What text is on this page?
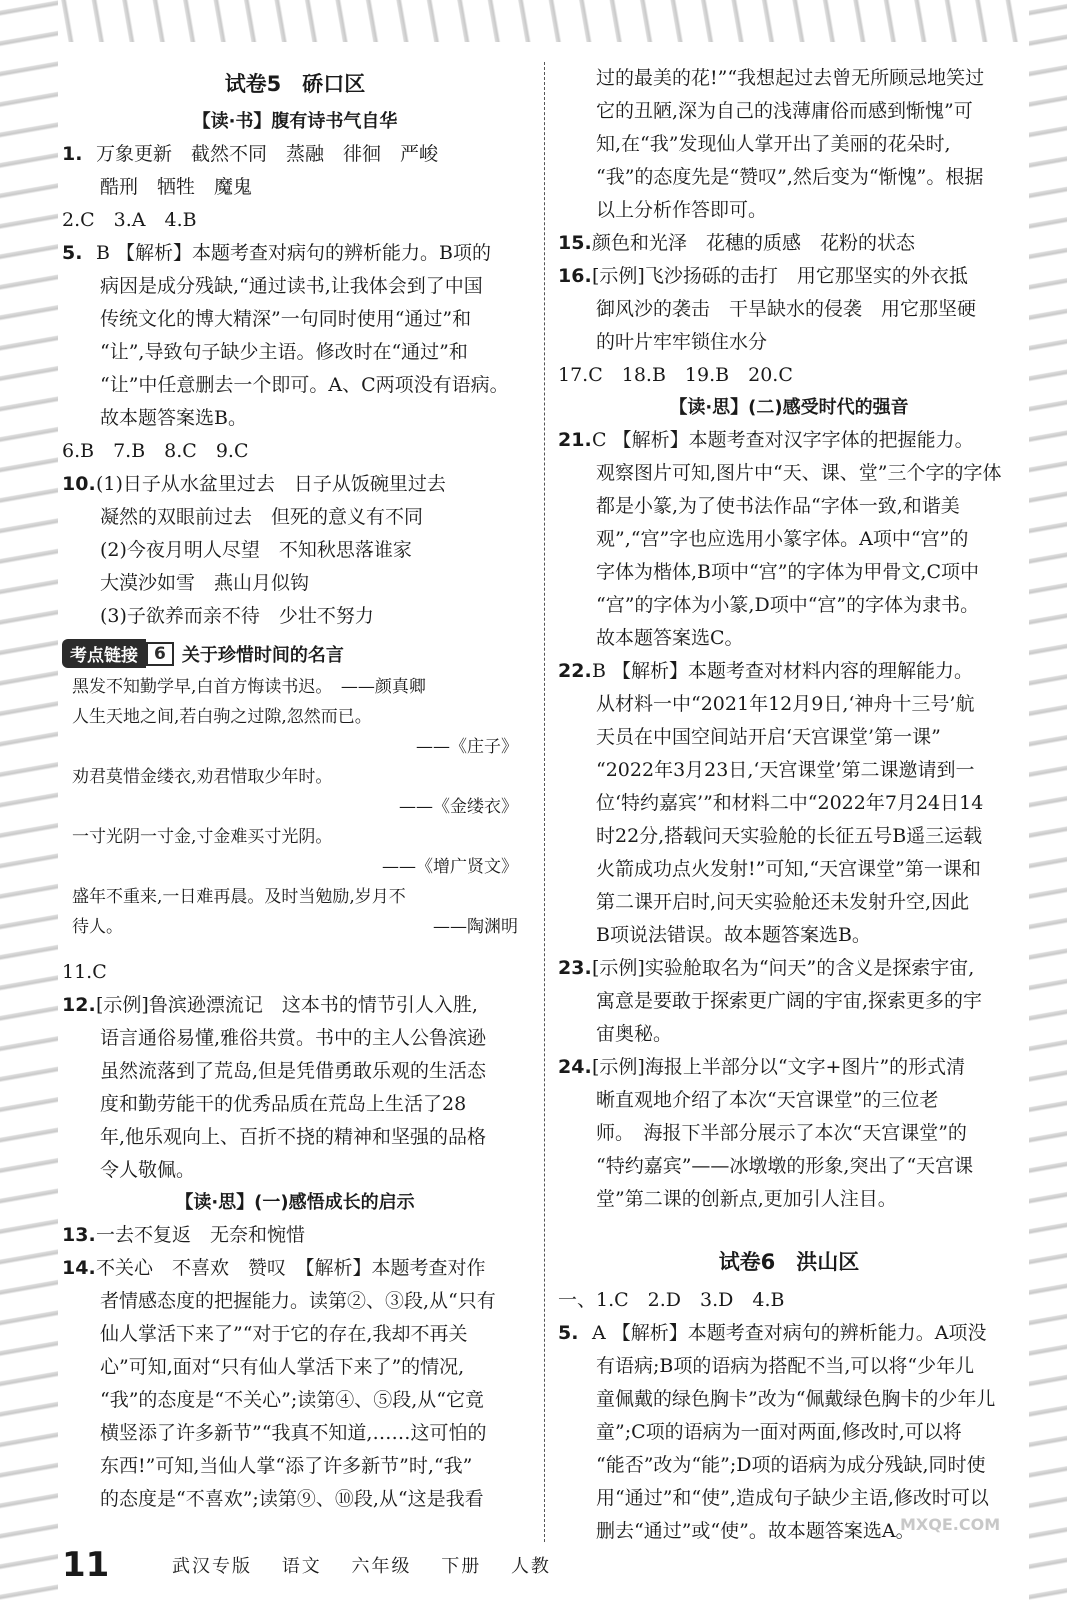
试卷5　硚口区
【读·书】腹有诗书气自华

1. 万象更新　截然不同　蒸融　徘徊　严峻

酷刑　牺牲　魔鬼

2.C　3.A　4.B

5. B 【解析】本题考查对病句的辨析能力。B项的

病因是成分残缺,“通过读书,让我体会到了中国

传统文化的博大精深”一句同时使用“通过”和

“让”,导致句子缺少主语。修改时在“通过”和

“让”中任意删去一个即可。A、C两项没有语病。

故本题答案选B。

6.B　7.B　8.C　9.C

10.(1)日子从水盆里过去　日子从饭碗里过去

凝然的双眼前过去　但死的意义有不同

(2)今夜月明人尽望　不知秋思落谁家

大漠沙如雪　燕山月似钩

(3)子欲养而亲不待　少壮不努力

考点链接 6 关于珍惜时间的名言

黑发不知勤学早,白首方悔读书迟。　——颜真卿

人生天地之间,若白驹之过隙,忽然而已。

——《庄子》

劝君莫惜金缕衣,劝君惜取少年时。

——《金缕衣》

一寸光阴一寸金,寸金难买寸光阴。

——《增广贤文》

盛年不重来,一日难再晨。及时当勉励,岁月不

待人。	——陶渊明

11.C

12.[示例]鲁滨逊漂流记　这本书的情节引人入胜,

语言通俗易懂,雅俗共赏。书中的主人公鲁滨逊

虽然流落到了荒岛,但是凭借勇敢乐观的生活态

度和勤劳能干的优秀品质在荒岛上生活了28

年,他乐观向上、百折不挠的精神和坚强的品格

令人敬佩。

【读·思】(一)感悟成长的启示

13.一去不复返　无奈和惋惜

14.不关心　不喜欢　赞叹　【解析】本题考查对作

者情感态度的把握能力。读第②、③段,从“只有

仙人掌活下来了”“对于它的存在,我却不再关

心”可知,面对“只有仙人掌活下来了”的情况,

“我”的态度是“不关心”;读第④、⑤段,从“它竟

横竖添了许多新节”“我真不知道,……这可怕的

东西!”可知,当仙人掌“添了许多新节”时,“我”

的态度是“不喜欢”;读第⑨、⑩段,从“这是我看

过的最美的花!”“我想起过去曾无所顾忌地笑过

它的丑陋,深为自己的浅薄庸俗而感到惭愧”可

知,在“我”发现仙人掌开出了美丽的花朵时,

“我”的态度先是“赞叹”,然后变为“惭愧”。根据

以上分析作答即可。

15.颜色和光泽　花穗的质感　花粉的状态

16.[示例]飞沙扬砾的击打　用它那坚实的外衣抵

御风沙的袭击　干旱缺水的侵袭　用它那坚硬

的叶片牢牢锁住水分

17.C　18.B　19.B　20.C

【读·思】(二)感受时代的强音

21.C 【解析】本题考查对汉字字体的把握能力。

观察图片可知,图片中“天、课、堂”三个字的字体

都是小篆,为了使书法作品“字体一致,和谐美

观”,“宫”字也应选用小篆字体。A项中“宫”的

字体为楷体,B项中“宫”的字体为甲骨文,C项中

“宫”的字体为小篆,D项中“宫”的字体为隶书。

故本题答案选C。

22.B 【解析】本题考查对材料内容的理解能力。

从材料一中“2021年12月9日,‘神舟十三号’航

天员在中国空间站开启‘天宫课堂’第一课”

“2022年3月23日,‘天宫课堂’第二课邀请到一

位‘特约嘉宾’”和材料二中“2022年7月24日14

时22分,搭载问天实验舱的长征五号B遥三运载

火箭成功点火发射!”可知,“天宫课堂”第一课和

第二课开启时,问天实验舱还未发射升空,因此

B项说法错误。故本题答案选B。

23.[示例]实验舱取名为“问天”的含义是探索宇宙,

寓意是要敢于探索更广阔的宇宙,探索更多的宇

宙奥秘。

24.[示例]海报上半部分以“文字+图片”的形式清

晰直观地介绍了本次“天宫课堂”的三位老

师。　海报下半部分展示了本次“天宫课堂”的

“特约嘉宾”——冰墩墩的形象,突出了“天宫课

堂”第二课的创新点,更加引人注目。

试卷6　洪山区

一、1.C　2.D　3.D　4.B

5. A 【解析】本题考查对病句的辨析能力。A项没

有语病;B项的语病为搭配不当,可以将“少年儿

童佩戴的绿色胸卡”改为“佩戴绿色胸卡的少年儿

童”;C项的语病为一面对两面,修改时,可以将

“能否”改为“能”;D项的语病为成分残缺,同时使

用“通过”和“使”,造成句子缺少主语,修改时可以

删去“通过”或“使”。故本题答案选A。

MXQE.COM
11	武汉专版 语文 六年级 下册 人教
